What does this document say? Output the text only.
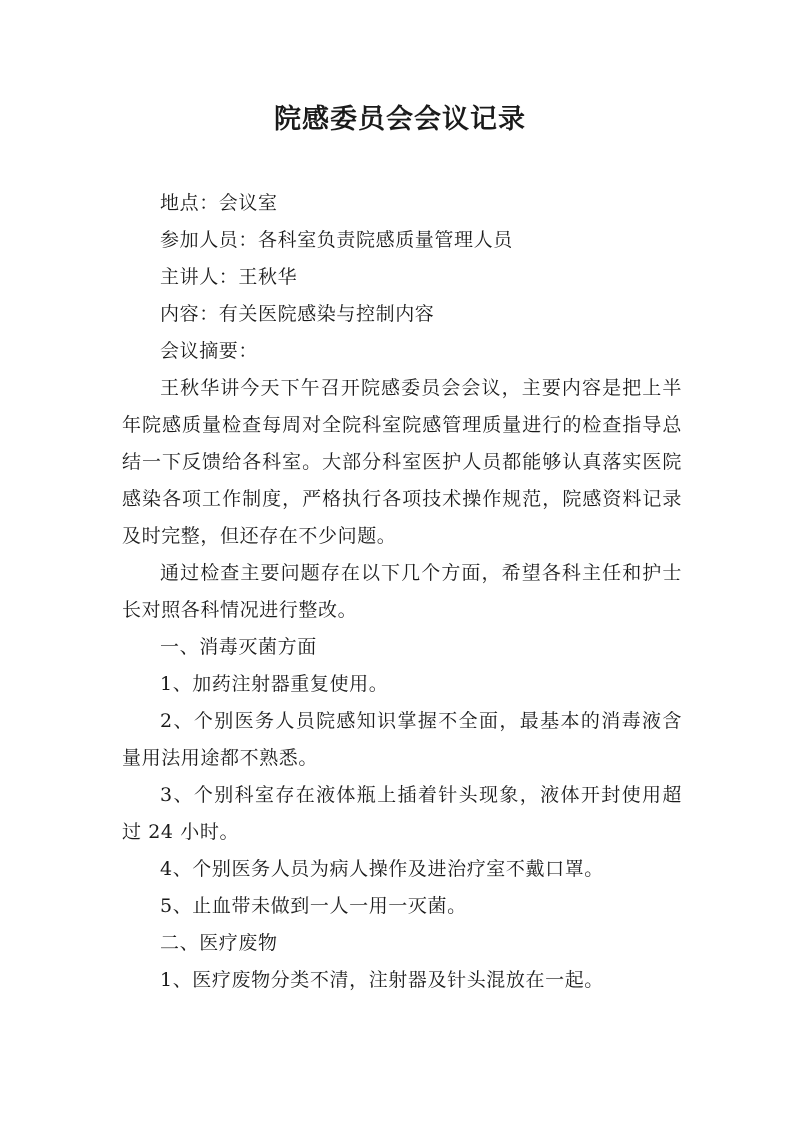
院感委员会会议记录

地点：会议室

参加人员：各科室负责院感质量管理人员

主讲人：王秋华

内容：有关医院感染与控制内容

会议摘要：

王秋华讲今天下午召开院感委员会会议，主要内容是把上半年院感质量检查每周对全院科室院感管理质量进行的检查指导总结一下反馈给各科室。大部分科室医护人员都能够认真落实医院感染各项工作制度，严格执行各项技术操作规范，院感资料记录及时完整，但还存在不少问题。

通过检查主要问题存在以下几个方面，希望各科主任和护士长对照各科情况进行整改。

一、消毒灭菌方面

1、加药注射器重复使用。

2、个别医务人员院感知识掌握不全面，最基本的消毒液含量用法用途都不熟悉。

3、个别科室存在液体瓶上插着针头现象，液体开封使用超过 24 小时。

4、个别医务人员为病人操作及进治疗室不戴口罩。

5、止血带未做到一人一用一灭菌。

二、医疗废物

1、医疗废物分类不清，注射器及针头混放在一起。
